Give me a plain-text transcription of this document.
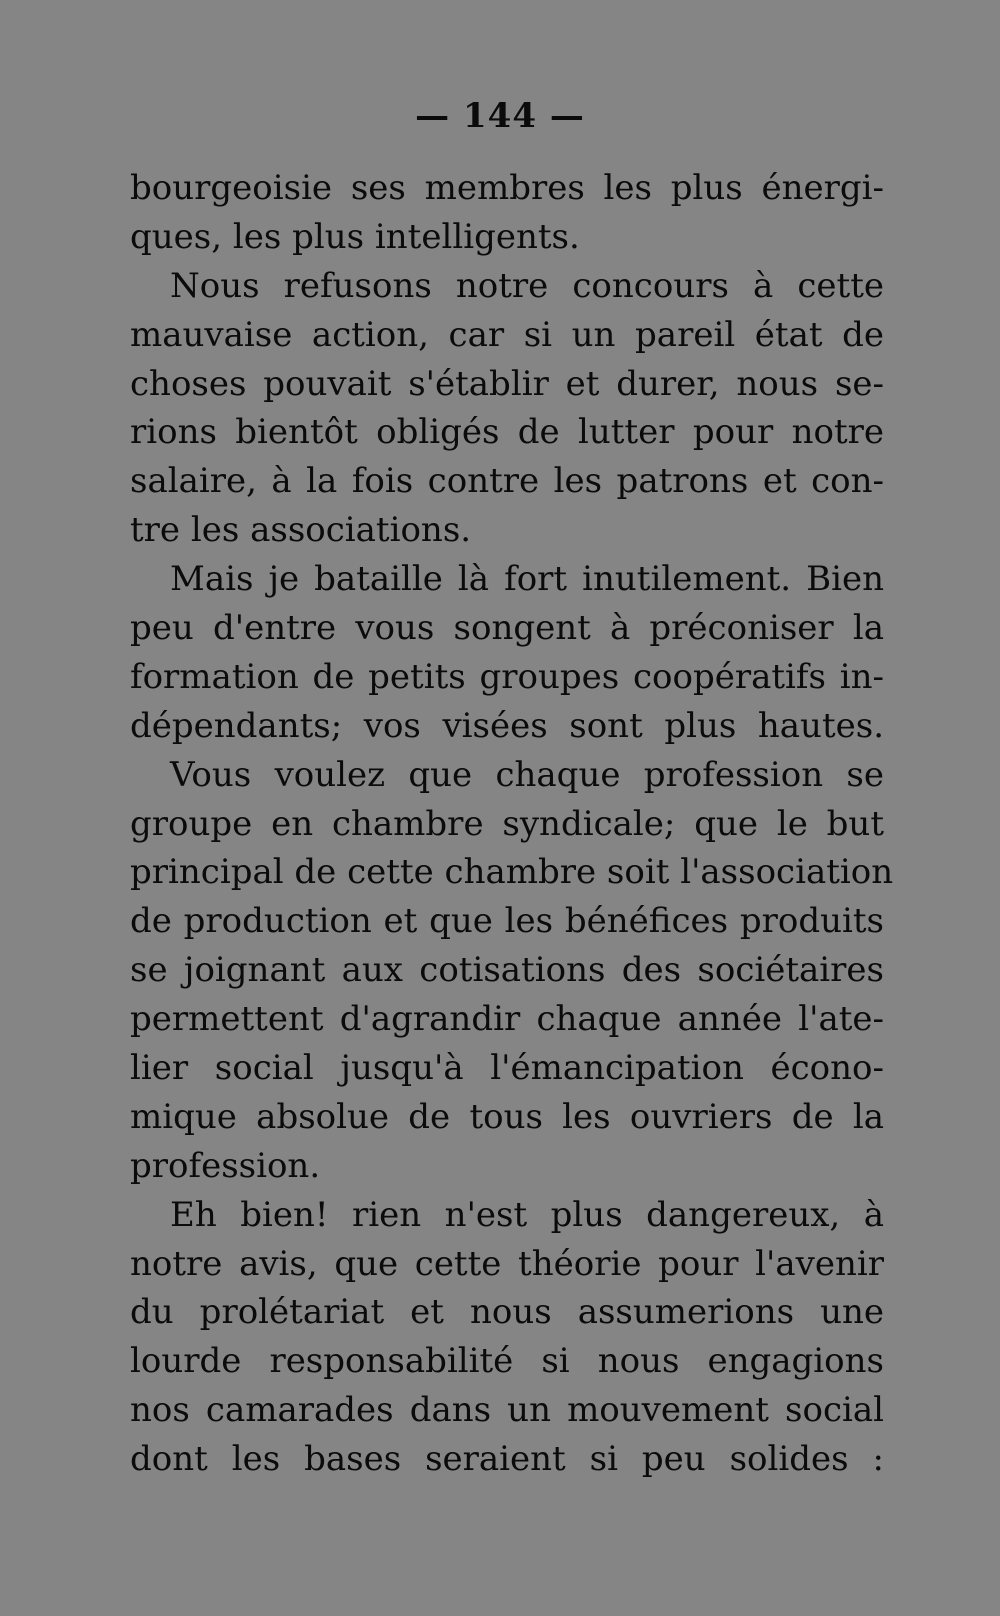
— 144 —
bourgeoisie ses membres les plus énergi-
ques, les plus intelligents.
Nous refusons notre concours à cette
mauvaise action, car si un pareil état de
choses pouvait s'établir et durer, nous se-
rions bientôt obligés de lutter pour notre
salaire, à la fois contre les patrons et con-
tre les associations.
Mais je bataille là fort inutilement. Bien
peu d'entre vous songent à préconiser la
formation de petits groupes coopératifs in-
dépendants; vos visées sont plus hautes.
Vous voulez que chaque profession se
groupe en chambre syndicale; que le but
principal de cette chambre soit l'association
de production et que les bénéfices produits
se joignant aux cotisations des sociétaires
permettent d'agrandir chaque année l'ate-
lier social jusqu'à l'émancipation écono-
mique absolue de tous les ouvriers de la
profession.
Eh bien! rien n'est plus dangereux, à
notre avis, que cette théorie pour l'avenir
du prolétariat et nous assumerions une
lourde responsabilité si nous engagions
nos camarades dans un mouvement social
dont les bases seraient si peu solides :
